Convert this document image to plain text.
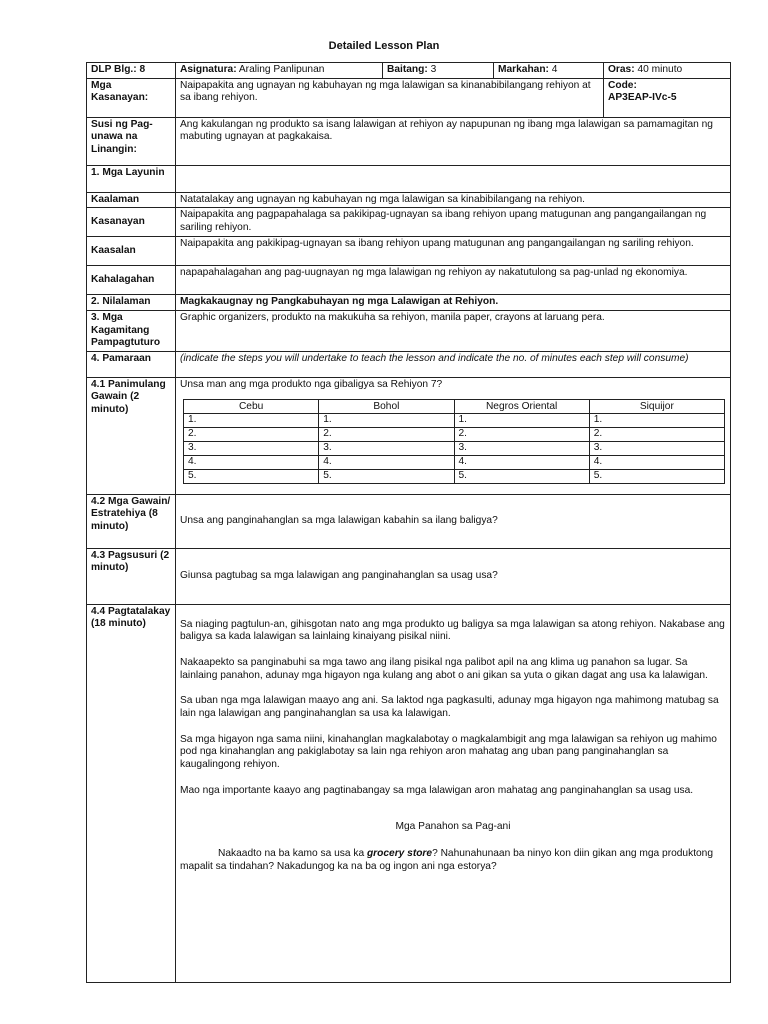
Detailed Lesson Plan
DLP Blg.: 8	Asignatura: Araling Panlipunan	Baitang: 3	Markahan: 4	Oras: 40 minuto
Mga Kasanayan:	Naipapakita ang ugnayan ng kabuhayan ng mga lalawigan sa kinanabibilangang rehiyon at sa ibang rehiyon.	Code:
AP3EAP-IVc-5
Susi ng Pag-unawa na Linangin:	Ang kakulangan ng produkto sa isang lalawigan at rehiyon ay napupunan ng ibang mga lalawigan sa pamamagitan ng mabuting ugnayan at pagkakaisa.
1. Mga Layunin	
Kaalaman	Natatalakay ang ugnayan ng kabuhayan ng mga lalawigan sa kinabibilangang na rehiyon.
Kasanayan	Naipapakita ang pagpapahalaga sa pakikipag-ugnayan sa ibang rehiyon upang matugunan ang pangangailangan ng sariling rehiyon.
Kaasalan	Naipapakita ang pakikipag-ugnayan sa ibang rehiyon upang matugunan ang pangangailangan ng sariling rehiyon.
Kahalagahan	napapahalagahan ang pag-uugnayan ng mga lalawigan ng rehiyon ay nakatutulong sa pag-unlad ng ekonomiya.
2. Nilalaman	Magkakaugnay ng Pangkabuhayan ng mga Lalawigan at Rehiyon.
3. Mga Kagamitang Pampagtuturo	Graphic organizers, produkto na makukuha sa rehiyon, manila paper, crayons at laruang pera.
4. Pamaraan	(indicate the steps you will undertake to teach the lesson and indicate the no. of minutes each step will consume)
4.1 Panimulang Gawain (2 minuto)	
Unsa man ang mga produkto nga gibaligya sa Rehiyon 7?
Cebu	Bohol	Negros Oriental	Siquijor
1.	1.	1.	1.
2.	2.	2.	2.
3.	3.	3.	3.
4.	4.	4.	4.
5.	5.	5.	5.

4.2 Mga Gawain/ Estratehiya (8 minuto)	Unsa ang panginahanglan sa mga lalawigan kabahin sa ilang baligya?
4.3 Pagsusuri (2 minuto)	Giunsa pagtubag sa mga lalawigan ang panginahanglan sa usag usa?
4.4 Pagtatalakay (18 minuto)	Sa niaging pagtulun-an, gihisgotan nato ang mga produkto ug baligya sa mga lalawigan sa atong rehiyon. Nakabase ang baligya sa kada lalawigan sa lainlaing kinaiyang pisikal niini.

Nakaapekto sa panginabuhi sa mga tawo ang ilang pisikal nga palibot apil na ang klima ug panahon sa lugar. Sa lainlaing panahon, adunay mga higayon nga kulang ang abot o ani gikan sa yuta o gikan dagat ang usa ka lalawigan.

Sa uban nga mga lalawigan maayo ang ani. Sa laktod nga pagkasulti, adunay mga higayon nga mahimong matubag sa lain nga lalawigan ang panginahanglan sa usa ka lalawigan.

Sa mga higayon nga sama niini, kinahanglan magkalabotay o magkalambigit ang mga lalawigan sa rehiyon ug mahimo pod nga kinahanglan ang pakiglabotay sa lain nga rehiyon aron mahatag ang uban pang panginahanglan sa kaugalingong rehiyon.

Mao nga importante kaayo ang pagtinabangay sa mga lalawigan aron mahatag ang panginahanglan sa usag usa.

Mga Panahon sa Pag-ani

Nakaadto na ba kamo sa usa ka grocery store? Nahunahunaan ba ninyo kon diin gikan ang mga produktong mapalit sa tindahan? Nakadungog ka na ba og ingon ani nga estorya?
